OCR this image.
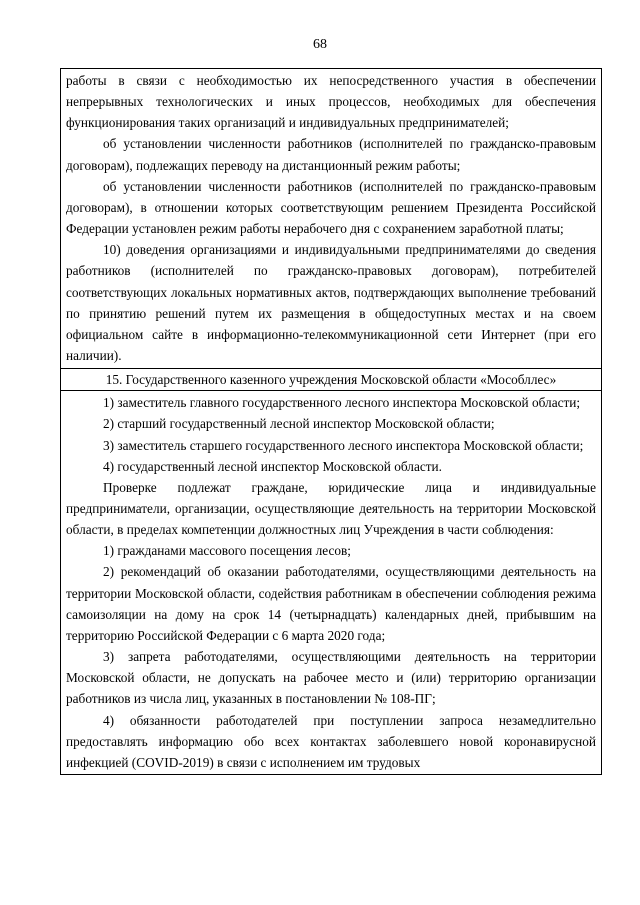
68

работы в связи с необходимостью их непосредственного участия в обеспечении непрерывных технологических и иных процессов, необходимых для обеспечения функционирования таких организаций и индивидуальных предпринимателей;

об установлении численности работников (исполнителей по гражданско-правовым договорам), подлежащих переводу на дистанционный режим работы;

об установлении численности работников (исполнителей по гражданско-правовым договорам), в отношении которых соответствующим решением Президента Российской Федерации установлен режим работы нерабочего дня с сохранением заработной платы;

10) доведения организациями и индивидуальными предпринимателями до сведения работников (исполнителей по гражданско-правовых договорам), потребителей соответствующих локальных нормативных актов, подтверждающих выполнение требований по принятию решений путем их размещения в общедоступных местах и на своем официальном сайте в информационно-телекоммуникационной сети Интернет (при его наличии).

15. Государственного казенного учреждения Московской области «Мособллес»

1) заместитель главного государственного лесного инспектора Московской области;

2) старший государственный лесной инспектор Московской области;

3) заместитель старшего государственного лесного инспектора Московской области;

4) государственный лесной инспектор Московской области.

Проверке подлежат граждане, юридические лица и индивидуальные предприниматели, организации, осуществляющие деятельность на территории Московской области, в пределах компетенции должностных лиц Учреждения в части соблюдения:

1) гражданами массового посещения лесов;

2) рекомендаций об оказании работодателями, осуществляющими деятельность на территории Московской области, содействия работникам в обеспечении соблюдения режима самоизоляции на дому на срок 14 (четырнадцать) календарных дней, прибывшим на территорию Российской Федерации с 6 марта 2020 года;

3) запрета работодателями, осуществляющими деятельность на территории Московской области, не допускать на рабочее место и (или) территорию организации работников из числа лиц, указанных в постановлении № 108-ПГ;

4) обязанности работодателей при поступлении запроса незамедлительно предоставлять информацию обо всех контактах заболевшего новой коронавирусной инфекцией (COVID-2019) в связи с исполнением им трудовых
